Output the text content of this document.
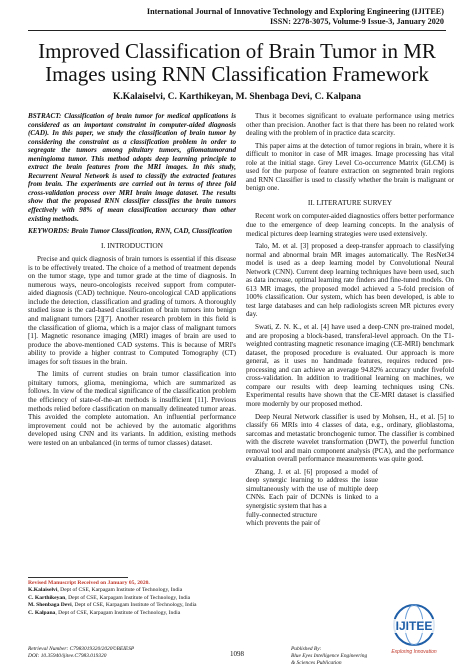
International Journal of Innovative Technology and Exploring Engineering (IJITEE)
ISSN: 2278-3075, Volume-9 Issue-3, January 2020
Improved Classification of Brain Tumor in MR
Images using RNN Classification Framework
K.Kalaiselvi, C. Karthikeyan, M. Shenbaga Devi, C. Kalpana

BSTRACT: Classification of brain tumor for medical applications is considered as an important constraint in computer-aided diagnosis (CAD). In this paper, we study the classification of brain tumor by considering the constraint as a classification problem in order to segregate the tumors among pituitary tumors, gliomatumorand meningioma tumor. This method adopts deep learning principle to extract the brain features from the MRI images. In this study, Recurrent Neural Network is used to classify the extracted features from brain. The experiments are carried out in terms of three fold cross-validation process over MRI brain image dataset. The results show that the proposed RNN classifier classifies the brain tumors effectively with 98% of mean classification accuracy than other existing methods.

KEYWORDS: Brain Tumor Classification, RNN, CAD, Classification

I. INTRODUCTION

Precise and quick diagnosis of brain tumors is essential if this disease is to be effectively treated. The choice of a method of treatment depends on the tumor stage, type and tumor grade at the time of diagnosis. In numerous ways, neuro-oncologists received support from computer-aided diagnosis (CAD) technique. Neuro-oncological CAD applications include the detection, classification and grading of tumors. A thoroughly studied issue is the cad-based classification of brain tumors into benign and malignant tumors [2][7]. Another research problem in this field is the classification of glioma, which is a major class of malignant tumors [1]. Magnetic resonance imaging (MRI) images of brain are used to produce the above-mentioned CAD systems. This is because of MRI's ability to provide a higher contrast to Computed Tomography (CT) images for soft tissues in the brain.

The limits of current studies on brain tumor classification into pituitary tumors, glioma, meningioma, which are summarized as follows. In view of the medical significance of the classification problem the efficiency of state-of-the-art methods is insufficient [11]. Previous methods relied before classification on manually delineated tumor areas. This avoided the complete automation. An influential performance improvement could not be achieved by the automatic algorithms developed using CNN and its variants. In addition, existing methods were tested on an unbalanced (in terms of tumor classes) dataset.

Thus it becomes significant to evaluate performance using metrics other than precision. Another fact is that there has been no related work dealing with the problem of in practice data scarcity.

This paper aims at the detection of tumor regions in brain, where it is difficult to monitor in case of MR images. Image processing has vital role at the initial stage. Grey Level Co-occurrence Matrix (GLCM) is used for the purpose of feature extraction on segmented brain regions and RNN Classifier is used to classify whether the brain is malignant or benign one.

II. LITERATURE SURVEY

Recent work on computer-aided diagnostics offers better performance due to the emergence of deep learning concepts. In the analysis of medical pictures deep learning strategies were used extensively.

Talo, M. et al. [3] proposed a deep-transfer approach to classifying normal and abnormal brain MR images automatically. The ResNet34 model is used as a deep learning model by Convolutional Neural Network (CNN). Current deep learning techniques have been used, such as data increase, optimal learning rate finders and fine-tuned models. On 613 MR images, the proposed model achieved a 5-fold precision of 100% classification. Our system, which has been developed, is able to test large databases and can help radiologists screen MR pictures every day.

Swati, Z. N. K., et al. [4] have used a deep-CNN pre-trained model, and are proposing a block-based, transferal-level approach. On the T1-weighted contrasting magnetic resonance imaging (CE-MRI) benchmark dataset, the proposed procedure is evaluated. Our approach is more general, as it uses no handmade features, requires reduced pre-processing and can achieve an average 94.82% accuracy under fivefold cross-validation. In addition to traditional learning on machines, we compare our results with deep learning techniques using CNs. Experimental results have shown that the CE-MRI dataset is classified more modernly by our proposed method.

Deep Neural Network classifier is used by Mohsen, H., et al. [5] to classify 66 MRIs into 4 classes of data, e.g., ordinary, glioblastoma, sarcomas and metastatic bronchogenic tumor. The classifier is combined with the discrete wavelet transformation (DWT), the powerful function removal tool and main component analysis (PCA), and the performance evaluation overall performance measurements was quite good.

Zhang, J. et al. [6] proposed a model of deep synergic learning to address the issue simultaneously with the use of multiple deep CNNs. Each pair of DCNNs is linked to a synergistic system that has a

fully-connected structure
which prevents the pair of
Revised Manuscript Received on January 05, 2020.
K.Kalaiselvi, Dept of CSE, Karpagam Institute of Technology, India
C. Karthikeyan, Dept of CSE, Karpagam Institute of Technology, India
M. Shenbaga Devi, Dept of CSE, Karpagam Institute of Technology, India
C. Kalpana, Dept of CSE, Karpagam Institute of Technology, India
Retrieval Number: C7983019320/2020©BEIESP
DOI: 10.35940/ijitee.C7983.019320	1098
Published By:
Blue Eyes Intelligence Engineering
& Sciences Publication
IJITEE
Exploring Innovation
